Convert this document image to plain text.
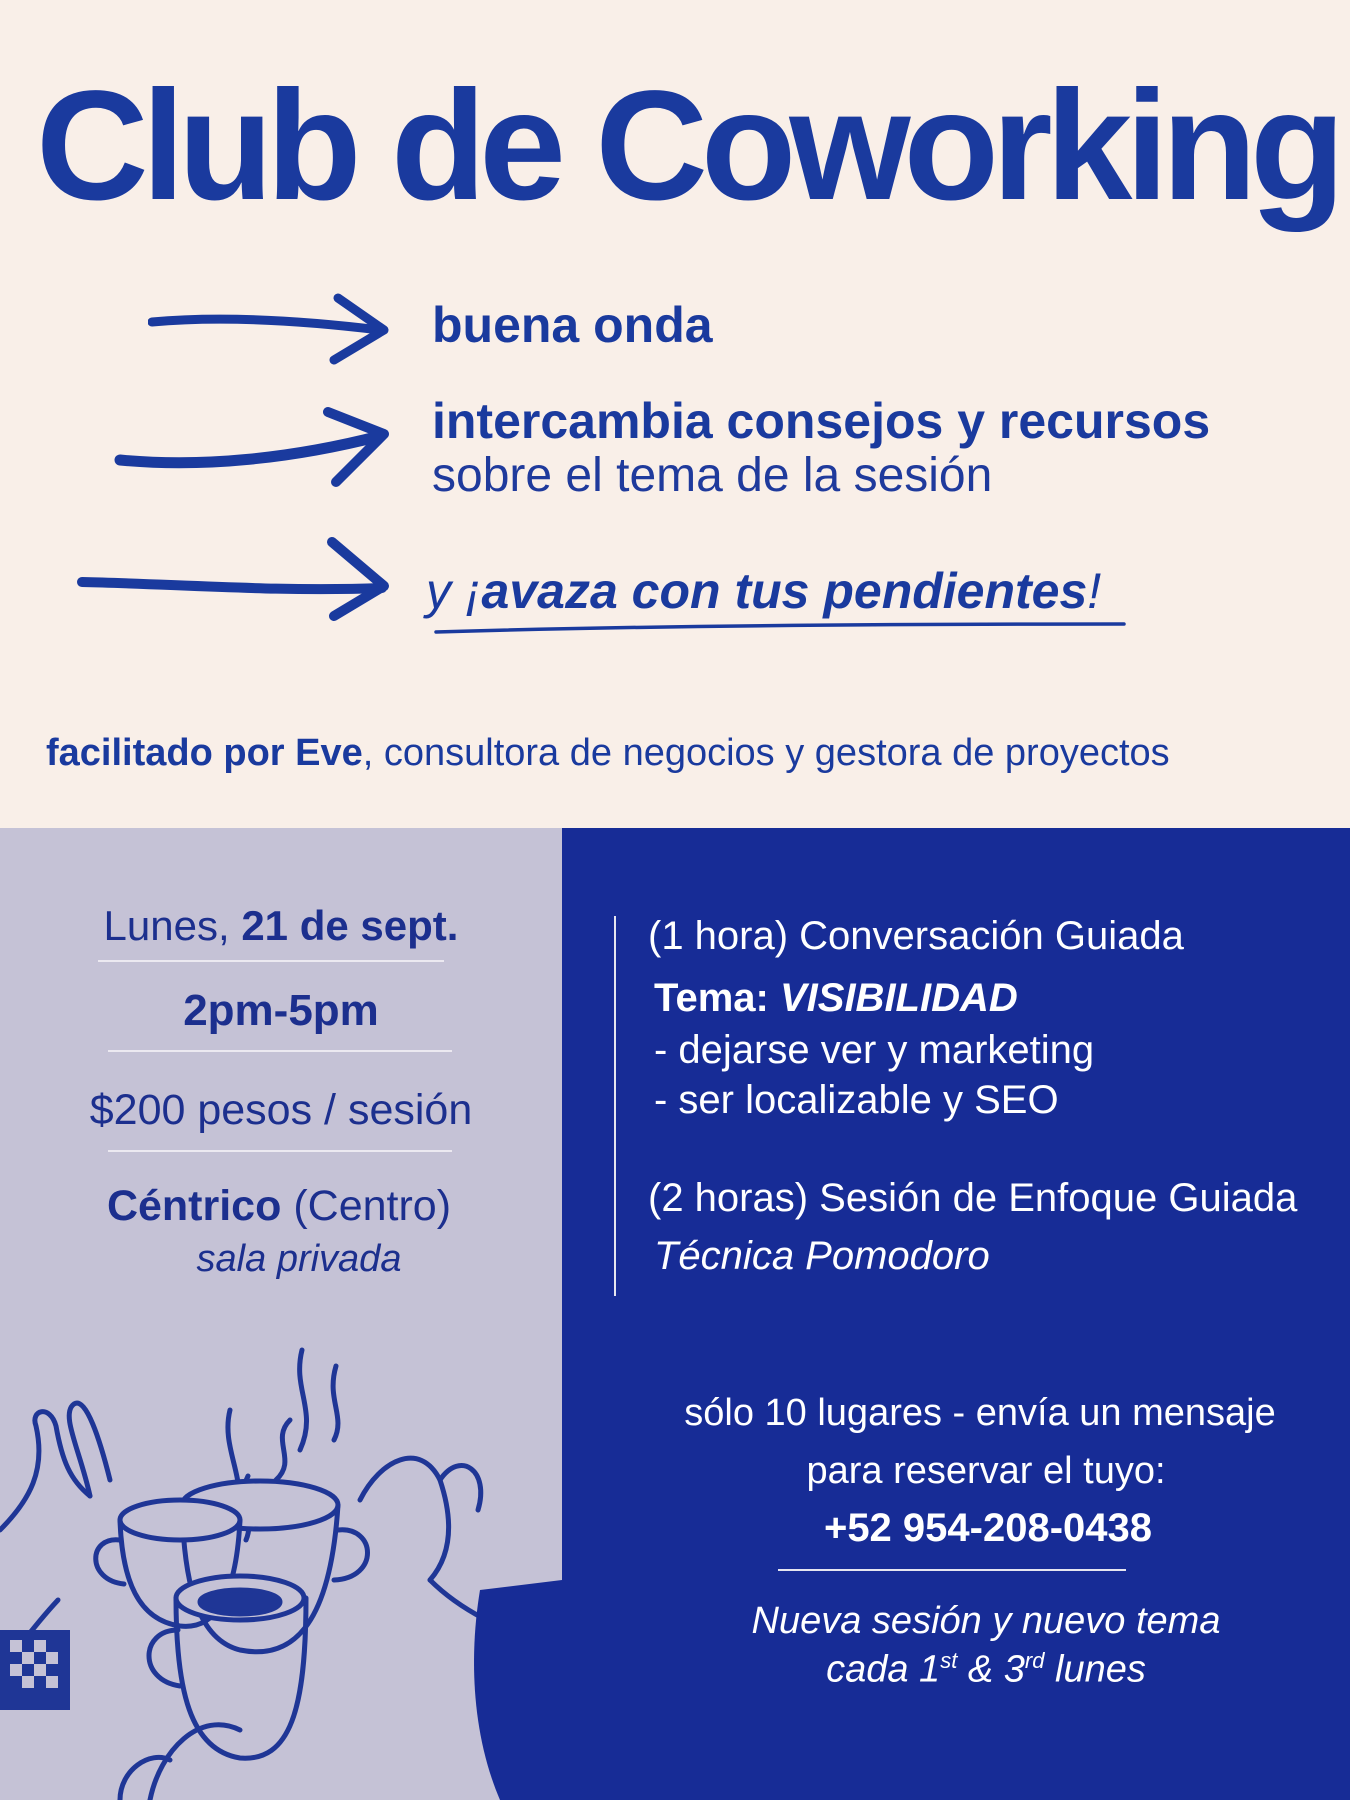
Club de Coworking
buena onda
intercambia consejos y recursos
sobre el tema de la sesión
y ¡avaza con tus pendientes!
facilitado por Eve, consultora de negocios y gestora de proyectos
Lunes, 21 de sept.
2pm-5pm
$200 pesos / sesión
Céntrico (Centro)
sala privada
(1 hora) Conversación Guiada
Tema: VISIBILIDAD
- dejarse ver y marketing
- ser localizable y SEO
(2 horas) Sesión de Enfoque Guiada
Técnica Pomodoro
sólo 10 lugares - envía un mensaje
para reservar el tuyo:
+52 954-208-0438
Nueva sesión y nuevo tema
cada 1st & 3rd lunes
